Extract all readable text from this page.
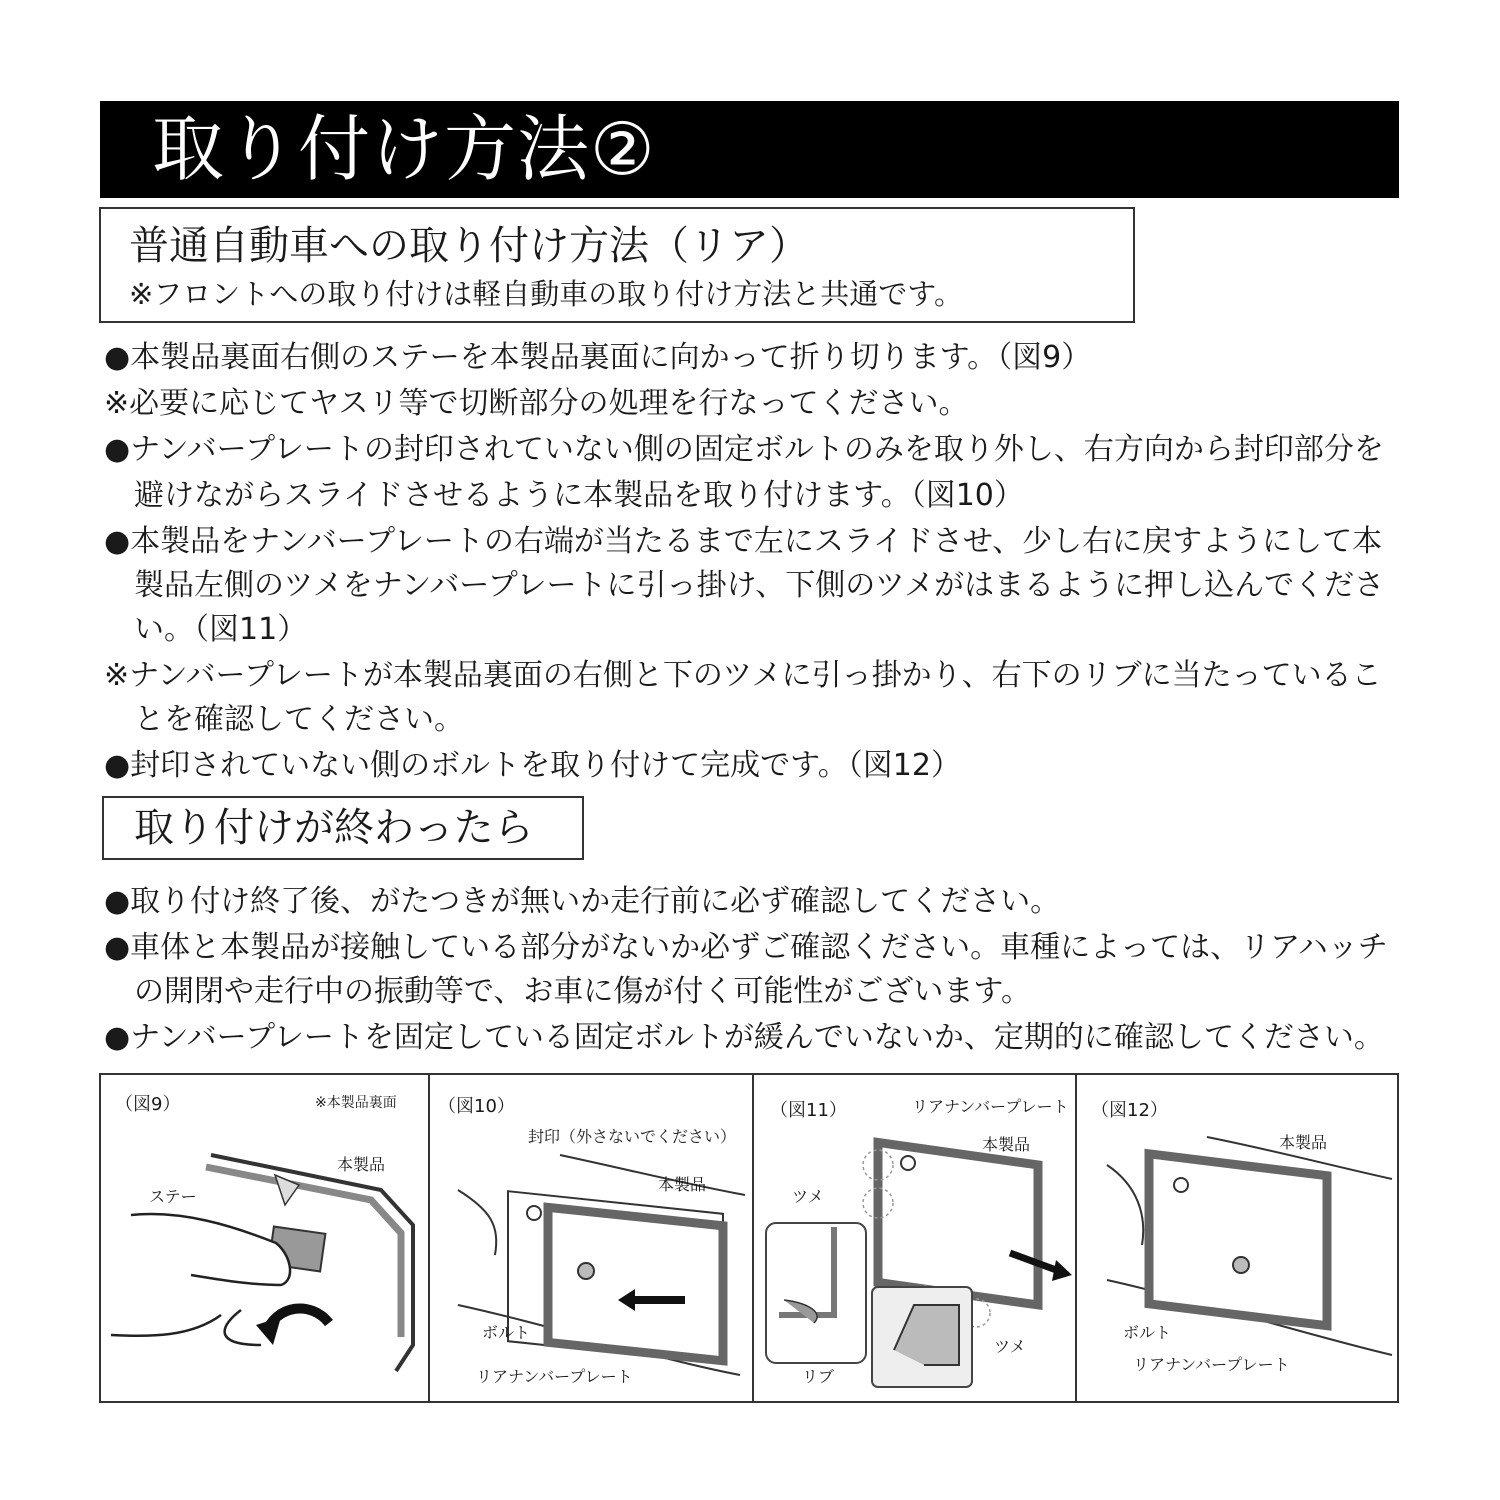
取り付け方法②
普通自動車への取り付け方法（リア）
※フロントへの取り付けは軽自動車の取り付け方法と共通です。
●本製品裏面右側のステーを本製品裏面に向かって折り切ります。（図9）
※必要に応じてヤスリ等で切断部分の処理を行なってください。
●ナンバープレートの封印されていない側の固定ボルトのみを取り外し、右方向から封印部分を
　避けながらスライドさせるように本製品を取り付けます。（図10）
●本製品をナンバープレートの右端が当たるまで左にスライドさせ、少し右に戻すようにして本
　製品左側のツメをナンバープレートに引っ掛け、下側のツメがはまるように押し込んでくださ
　い。（図11）
※ナンバープレートが本製品裏面の右側と下のツメに引っ掛かり、右下のリブに当たっているこ
　とを確認してください。
●封印されていない側のボルトを取り付けて完成です。（図12）
取り付けが終わったら
●取り付け終了後、がたつきが無いか走行前に必ず確認してください。
●車体と本製品が接触している部分がないか必ずご確認ください。車種によっては、リアハッチ
　の開閉や走行中の振動等で、お車に傷が付く可能性がございます。
●ナンバープレートを固定している固定ボルトが緩んでいないか、定期的に確認してください。
（図9）	※本製品裏面
本製品
ステー
（図10）
封印（外さないでください）
本製品
ボルト
リアナンバープレート
（図11）	リアナンバープレート
本製品
ツメ
ツメ
リブ
（図12）
本製品
ボルト
リアナンバープレート
